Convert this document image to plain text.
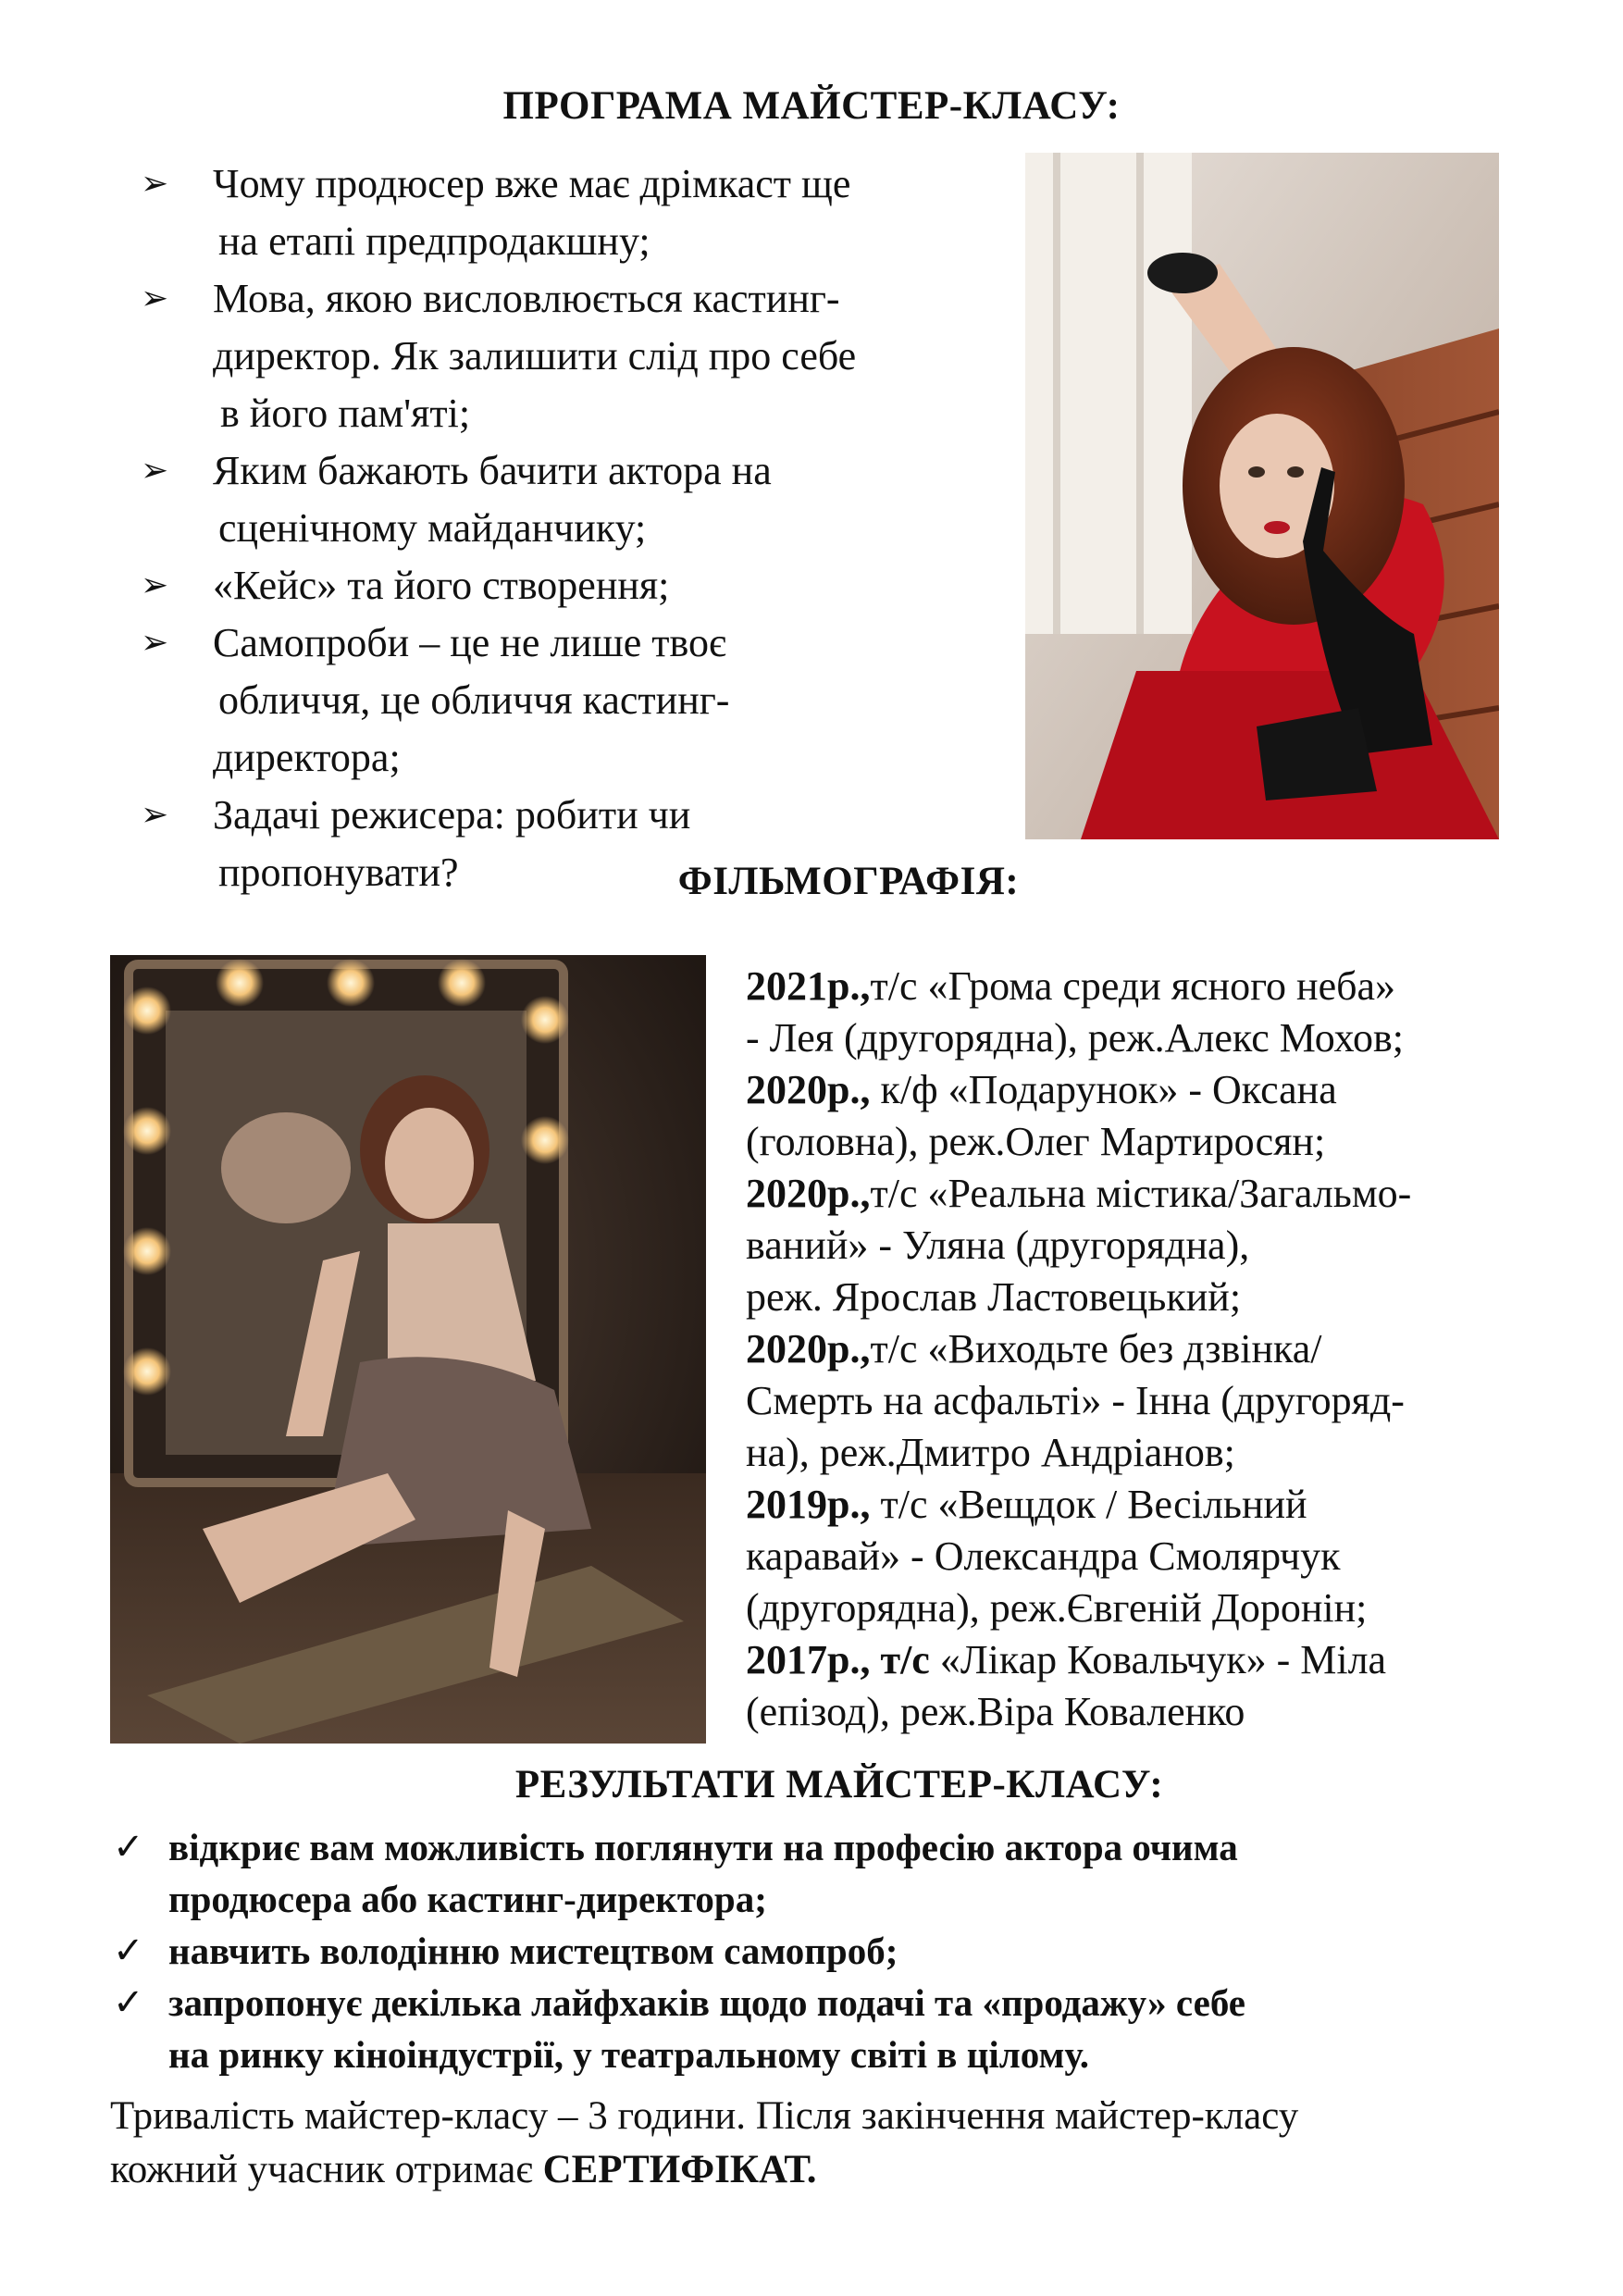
ПРОГРАМА МАЙСТЕР-КЛАСУ:
➢ Чому продюсер вже має дрімкаст ще
на етапі предпродакшну;
➢ Мова, якою висловлюється кастинг-
директор. Як залишити слід про себе
в його пам'яті;
➢ Яким бажають бачити актора на
сценічному майданчику;
➢ «Кейс» та його створення;
➢ Самопроби – це не лише твоє
обличчя, це обличчя кастинг-
директора;
➢ Задачі режисера: робити чи
пропонувати?	ФІЛЬМОГРАФІЯ:

2021р.,т/с «Грома среди ясного неба»
- Лея (другорядна), реж.Алекс Мохов;

2020р., к/ф «Подарунок» - Оксана
(головна), реж.Олег Мартиросян;

2020р.,т/с «Реальна містика/Загальмо-
ваний» - Уляна (другорядна),
реж. Ярослав Ластовецький;

2020р.,т/с «Виходьте без дзвінка/
Смерть на асфальті» - Інна (другоряд-
на), реж.Дмитро Андріанов;

2019р., т/с «Вещдок / Весільний
каравай» - Олександра Смолярчук
(другорядна), реж.Євгеній Доронін;

2017р., т/с «Лікар Ковальчук» - Міла
(епізод), реж.Віра Коваленко

РЕЗУЛЬТАТИ МАЙСТЕР-КЛАСУ:
✓ відкриє вам можливість поглянути на професію актора очима
продюсера або кастинг-директора;
✓ навчить володінню мистецтвом самопроб;
✓ запропонує декілька лайфхаків щодо подачі та «продажу» себе
на ринку кіноіндустрії, у театральному світі в цілому.
Тривалість майстер-класу – 3 години. Після закінчення майстер-класу
кожний учасник отримає СЕРТИФІКАТ.
